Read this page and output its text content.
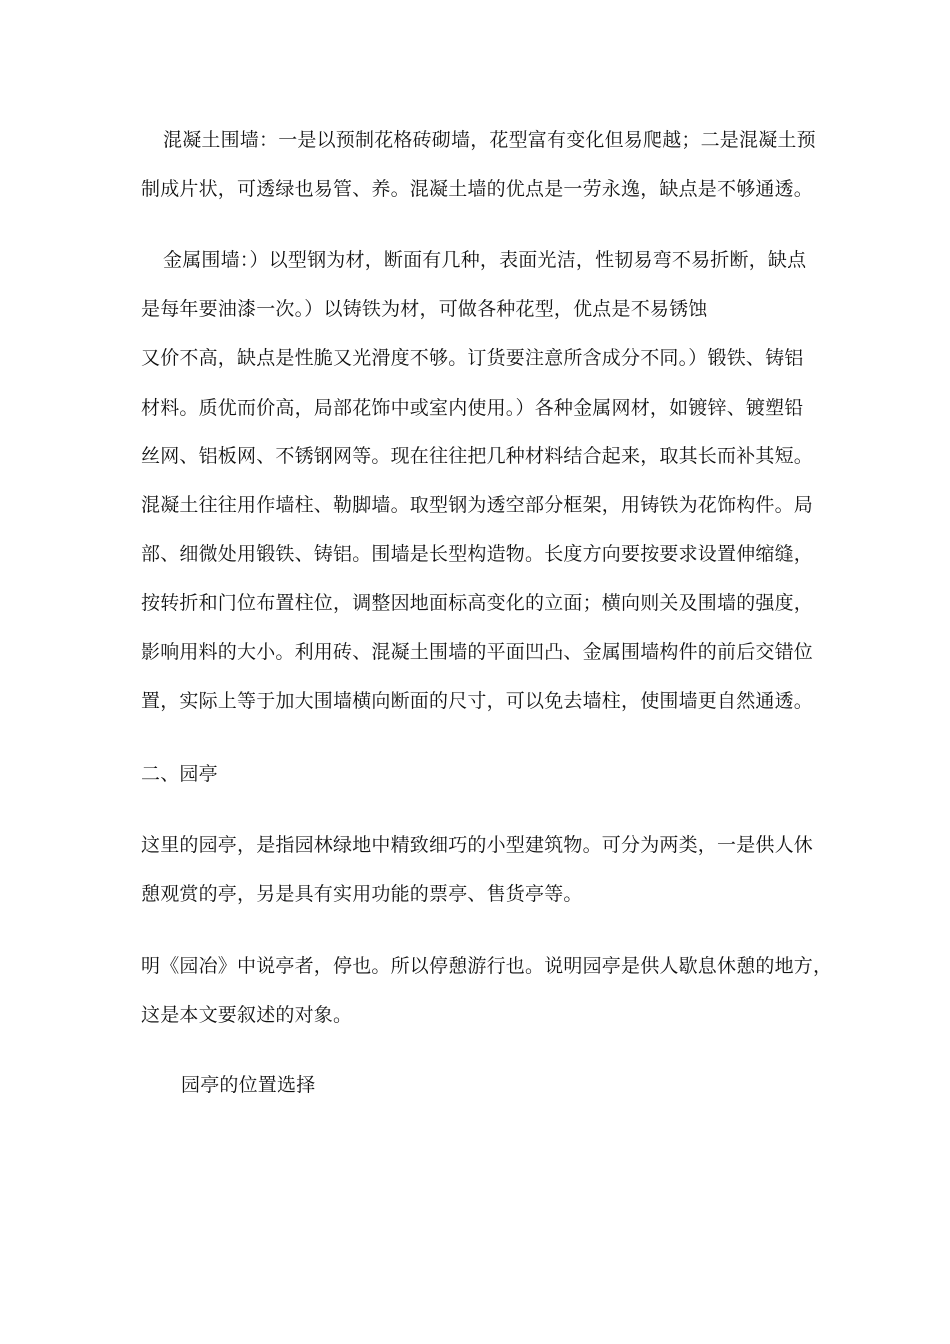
混凝土围墙：一是以预制花格砖砌墙，花型富有变化但易爬越；二是混凝土预
制成片状，可透绿也易管、养。混凝土墙的优点是一劳永逸，缺点是不够通透。
金属围墙：）以型钢为材，断面有几种，表面光洁，性韧易弯不易折断，缺点
是每年要油漆一次。）以铸铁为材，可做各种花型，优点是不易锈蚀
又价不高，缺点是性脆又光滑度不够。订货要注意所含成分不同。）锻铁、铸铝
材料。质优而价高，局部花饰中或室内使用。）各种金属网材，如镀锌、镀塑铅
丝网、铝板网、不锈钢网等。现在往往把几种材料结合起来，取其长而补其短。
混凝土往往用作墙柱、勒脚墙。取型钢为透空部分框架，用铸铁为花饰构件。局
部、细微处用锻铁、铸铝。围墙是长型构造物。长度方向要按要求设置伸缩缝，
按转折和门位布置柱位，调整因地面标高变化的立面；横向则关及围墙的强度，
影响用料的大小。利用砖、混凝土围墙的平面凹凸、金属围墙构件的前后交错位
置，实际上等于加大围墙横向断面的尺寸，可以免去墙柱，使围墙更自然通透。
二、园亭
这里的园亭，是指园林绿地中精致细巧的小型建筑物。可分为两类，一是供人休
憩观赏的亭，另是具有实用功能的票亭、售货亭等。
明《园冶》中说亭者，停也。所以停憩游行也。说明园亭是供人歇息休憩的地方，
这是本文要叙述的对象。
园亭的位置选择
